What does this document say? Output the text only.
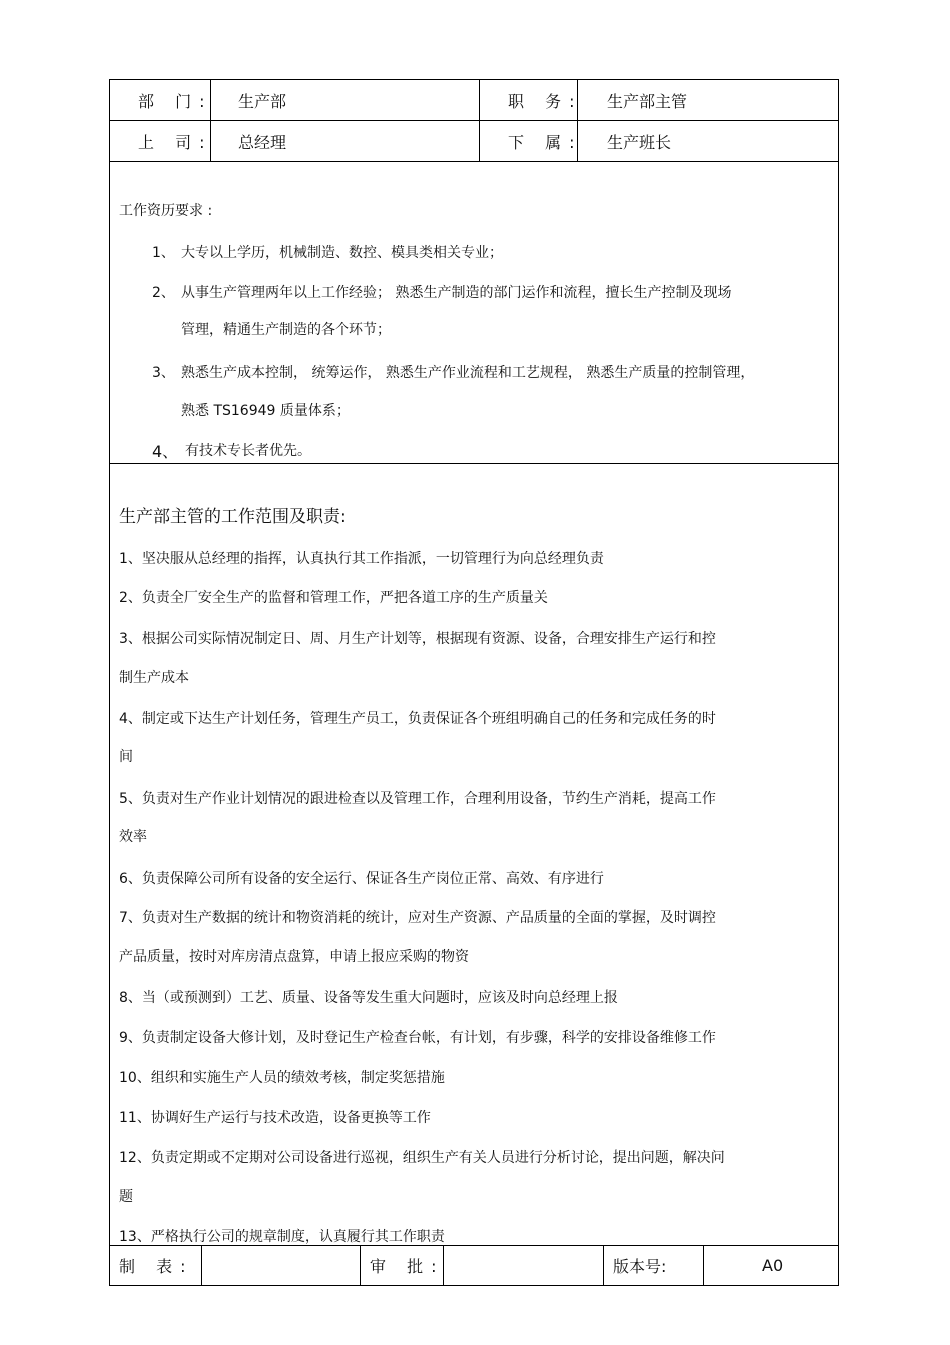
部 门: 生产部	职 务: 生产部主管
上 司: 总经理	下 属: 生产班长
工作资历要求 :
1、 大专以上学历，机械制造、数控、模具类相关专业；
2、 从事生产管理两年以上工作经验； 熟悉生产制造的部门运作和流程，擅长生产控制及现场
管理，精通生产制造的各个环节；
3、 熟悉生产成本控制， 统筹运作， 熟悉生产作业流程和工艺规程， 熟悉生产质量的控制管理，
熟悉 TS16949 质量体系；
4、 有技术专长者优先。
生产部主管的工作范围及职责:
1、坚决服从总经理的指挥，认真执行其工作指派，一切管理行为向总经理负责
2、负责全厂安全生产的监督和管理工作，严把各道工序的生产质量关
3、根据公司实际情况制定日、周、月生产计划等，根据现有资源、设备，合理安排生产运行和控
制生产成本
4、制定或下达生产计划任务，管理生产员工，负责保证各个班组明确自己的任务和完成任务的时
间
5、负责对生产作业计划情况的跟进检查以及管理工作，合理利用设备，节约生产消耗，提高工作
效率
6、负责保障公司所有设备的安全运行、保证各生产岗位正常、高效、有序进行
7、负责对生产数据的统计和物资消耗的统计，应对生产资源、产品质量的全面的掌握，及时调控
产品质量，按时对库房清点盘算，申请上报应采购的物资
8、当（或预测到）工艺、质量、设备等发生重大问题时，应该及时向总经理上报
9、负责制定设备大修计划，及时登记生产检查台帐，有计划，有步骤，科学的安排设备维修工作
10、组织和实施生产人员的绩效考核，制定奖惩措施
11、协调好生产运行与技术改造，设备更换等工作
12、负责定期或不定期对公司设备进行巡视，组织生产有关人员进行分析讨论，提出问题，解决问
题
13、严格执行公司的规章制度，认真履行其工作职责
制 表:	审 批:	版本号:	A0
